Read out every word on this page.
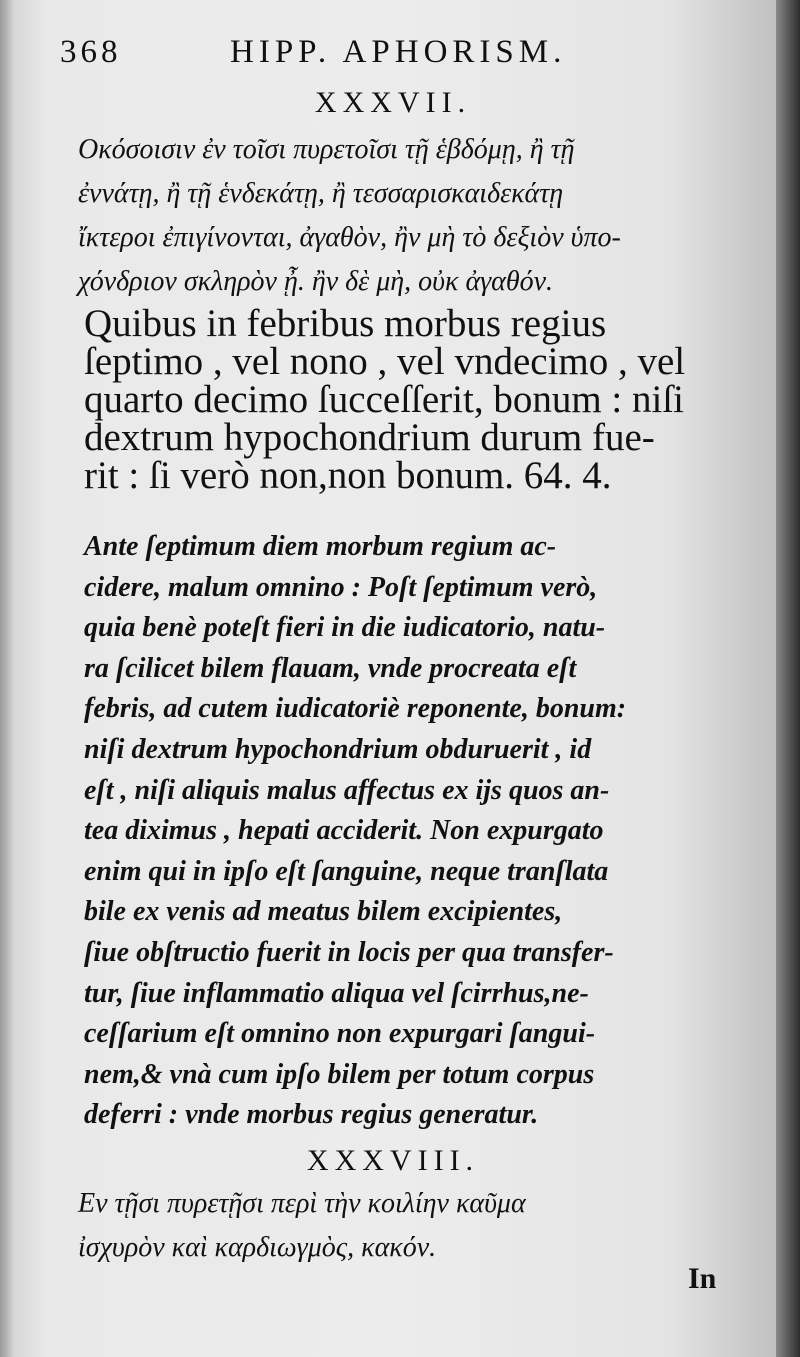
368	HIPP. APHORISM.
XXXVII.
Οκόσοισιν ἐν τοῖσι πυρετοῖσι τῇ ἑβδόμῃ, ἢ τῇ
ἐννάτῃ, ἢ τῇ ἑνδεκάτῃ, ἢ τεσσαρισκαιδεκάτῃ
ἴκτεροι ἐπιγίνονται, ἀγαθὸν, ἢν μὴ τὸ δεξιὸν ὑπο-
χόνδριον σκληρὸν ᾖ. ἢν δὲ μὴ, οὐκ ἀγαθόν.
Quibus in febribus morbus regius
ſeptimo , vel nono , vel vndecimo , vel
quarto decimo ſucceſſerit, bonum : niſi
dextrum hypochondrium durum fue-
rit : ſi verò non,non bonum. 64. 4.
Ante ſeptimum diem morbum regium ac-
cidere, malum omnino : Poſt ſeptimum verò,
quia benè poteſt fieri in die iudicatorio, natu-
ra ſcilicet bilem flauam, vnde procreata eſt
febris, ad cutem iudicatoriè reponente, bonum:
niſi dextrum hypochondrium obduruerit , id
eſt , niſi aliquis malus affectus ex ijs quos an-
tea diximus , hepati acciderit. Non expurgato
enim qui in ipſo eſt ſanguine, neque tranſlata
bile ex venis ad meatus bilem excipientes,
ſiue obſtructio fuerit in locis per qua transfer-
tur, ſiue inflammatio aliqua vel ſcirrhus,ne-
ceſſarium eſt omnino non expurgari ſangui-
nem,& vnà cum ipſo bilem per totum corpus
deferri : vnde morbus regius generatur.
XXXVIII.
Εν τῇσι πυρετῇσι περὶ τὴν κοιλίην καῦμα
ἰσχυρὸν καὶ καρδιωγμὸς, κακόν.
In
